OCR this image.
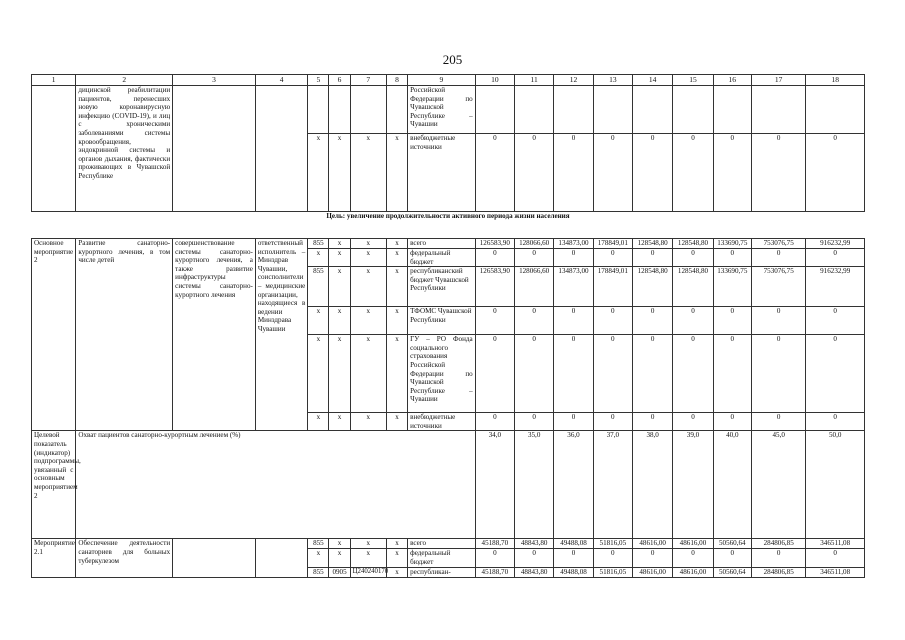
205
1	2	3	4	5	6	7	8	9	10	11	12	13	14	15	16	17	18
	дицинской реабилитации пациентов, перенесших новую коронавирусную инфекцию (COVID-19), и лиц с хроническими заболеваниями системы кровообращения, эндокринной системы и органов дыхания, фактически проживающих в Чувашской Республике							Российской Федерации по Чувашской Республике – Чувашии									
				x	x	x	x	внебюджетные источники	0	0	0	0	0	0	0	0	0
Цель: увеличение продолжительности активного периода жизни населения																	
Основное мероприятие 2	Развитие санаторно-курортного лечения, в том числе детей	совершенствование системы санаторно-курортного лечения, а также развитие инфраструктуры системы санаторно-курортного лечения	ответственный исполнитель – Минздрав Чувашии, соисполнители – медицинские организации, находящиеся в ведении Минздрава Чувашии	855	x	x	x	всего	126583,90	128066,60	134873,00	178849,01	128548,80	128548,80	133690,75	753076,75	916232,99
				x	x	x	x	федеральный бюджет	0	0	0	0	0	0	0	0	0
				855	x	x	x	республиканский бюджет Чувашской Республики	126583,90	128066,60	134873,00	178849,01	128548,80	128548,80	133690,75	753076,75	916232,99
				x	x	x	x	ТФОМС Чувашской Республики	0	0	0	0	0	0	0	0	0
				x	x	x	x	ГУ – РО Фонда социального страхования Российской Федерации по Чувашской Республике – Чувашии	0	0	0	0	0	0	0	0	0
				x	x	x	x	внебюджетные источники	0	0	0	0	0	0	0	0	0
Целевой показатель (индикатор) подпрограммы, увязанный с основным мероприятием 2	Охват пациентов санаторно-курортным лечением (%)								34,0	35,0	36,0	37,0	38,0	39,0	40,0	45,0	50,0
Мероприятие 2.1	Обеспечение деятельности санаториев для больных туберкулезом			855	x	x	x	всего	45188,70	48843,80	49488,08	51816,05	48616,00	48616,00	50560,64	284806,85	346511,08
				x	x	x	x	федеральный бюджет	0	0	0	0	0	0	0	0	0
				855	0905	Ц240240170	x	республикан-	45188,70	48843,80	49488,08	51816,05	48616,00	48616,00	50560,64	284806,85	346511,08
